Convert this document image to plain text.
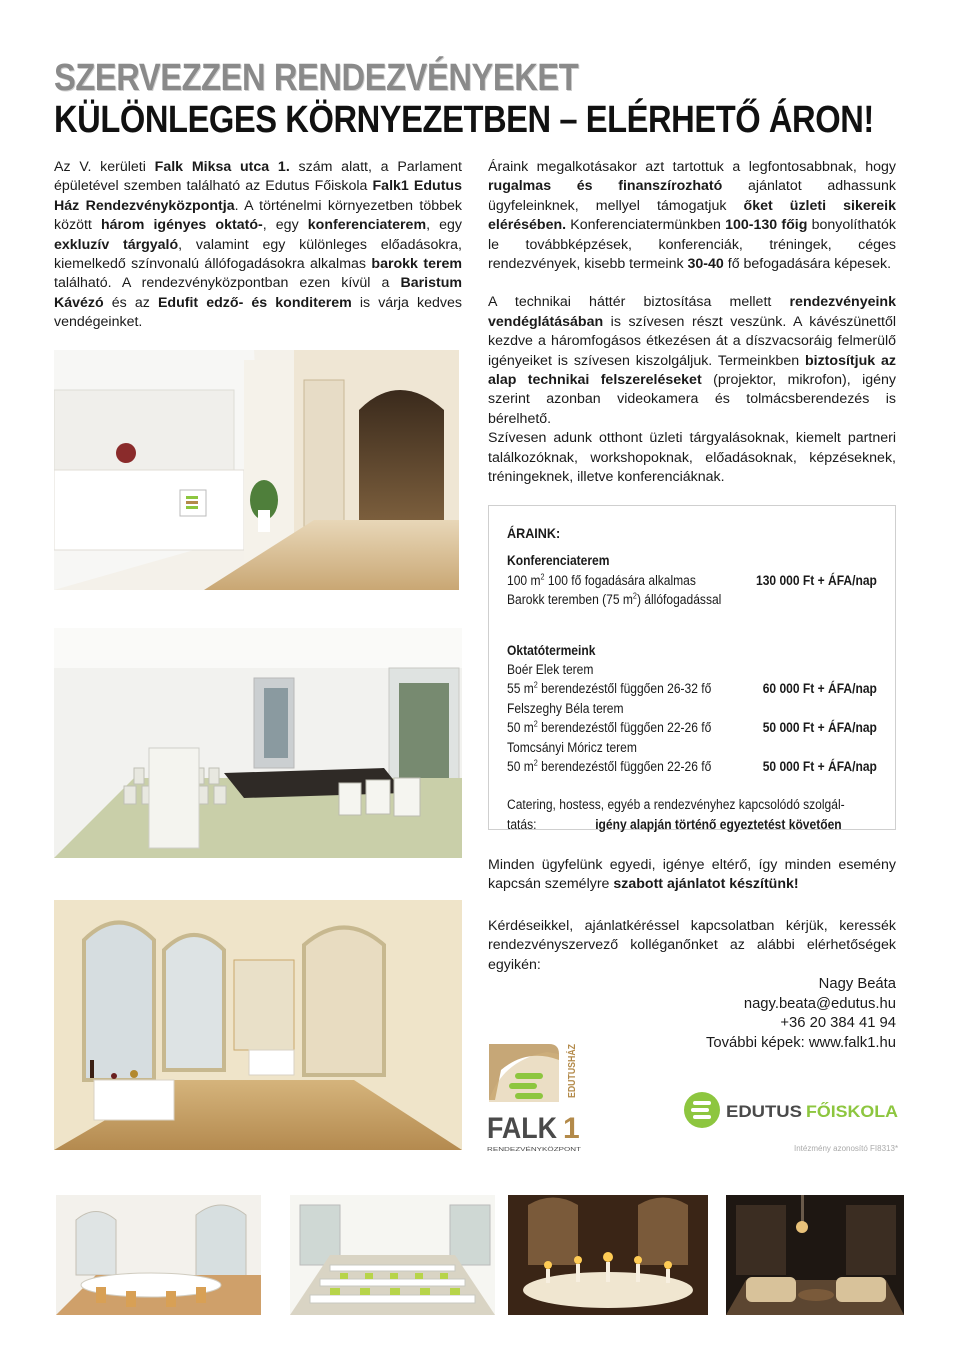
SZERVEZZEN RENDEZVÉNYEKET
KÜLÖNLEGES KÖRNYEZETBEN – ELÉRHETŐ ÁRON!

Az V. kerületi Falk Miksa utca 1. szám alatt, a Parlament épületével szemben található az Edutus Főiskola Falk1 Edutus Ház Rendezvényközpontja. A történelmi környezetben többek között három igényes oktató-, egy konferenciaterem, egy exkluzív tárgyaló, valamint egy különleges előadásokra, kiemelkedő színvonalú állófogadásokra alkalmas barokk terem található. A rendezvényközpontban ezen kívül a Baristum Kávézó és az Edufit edző- és konditerem is várja kedves vendégeinket.

Áraink megalkotásakor azt tartottuk a legfontosabbnak, hogy rugalmas és finanszírozható ajánlatot adhassunk ügyfeleinknek, mellyel támogatjuk őket üzleti sikereik elérésében. Konferenciatermünkben 100-130 főig bonyolíthatók le továbbképzések, konferenciák, tréningek, céges rendezvények, kisebb termeink 30-40 fő befogadására képesek.

A technikai háttér biztosítása mellett rendezvényeink vendéglátásában is szívesen részt veszünk. A kávészünettől kezdve a háromfogásos étkezésen át a díszvacsoráig felmerülő igényeiket is szívesen kiszolgáljuk. Termeinkben biztosítjuk az alap technikai felszereléseket (projektor, mikrofon), igény szerint azonban videokamera és tolmácsberendezés is bérelhető.

Szívesen adunk otthont üzleti tárgyalásoknak, kiemelt partneri találkozóknak, workshopoknak, előadásoknak, képzéseknek, tréningeknek, illetve konferenciáknak.

ÁRAINK:
Konferenciaterem
100 $m^2$ 100 fő fogadására alkalmas	130 000 Ft + ÁFA/nap
Barokk teremben (75 $m^2$) állófogadással
Oktatótermeink
Boér Elek terem
55 $m^2$ berendezéstől függően 26-32 fő	60 000 Ft + ÁFA/nap
Felszeghy Béla terem
50 $m^2$ berendezéstől függően 22-26 fő	50 000 Ft + ÁFA/nap
Tomcsányi Móricz terem
50 $m^2$ berendezéstől függően 22-26 fő	50 000 Ft + ÁFA/nap
Catering, hostess, egyéb a rendezvényhez kapcsolódó szolgál-
tatás:	igény alapján történő egyeztetést követően
Minden ügyfelünk egyedi, igénye eltérő, így minden esemény kapcsán személyre szabott ajánlatot készítünk!
Kérdéseikkel, ajánlatkéréssel kapcsolatban kérjük, keressék rendezvényszervező kolléganőnket az alábbi elérhetőségek egyikén:
Nagy Beáta
nagy.beata@edutus.hu
+36 20 384 41 94
További képek: www.falk1.hu
FALK 1
EDUTUSHÁZ
RENDEZVÉNYKÖZPONT
EDUTUS FŐISKOLA
Intézmény azonosító FI8313*
